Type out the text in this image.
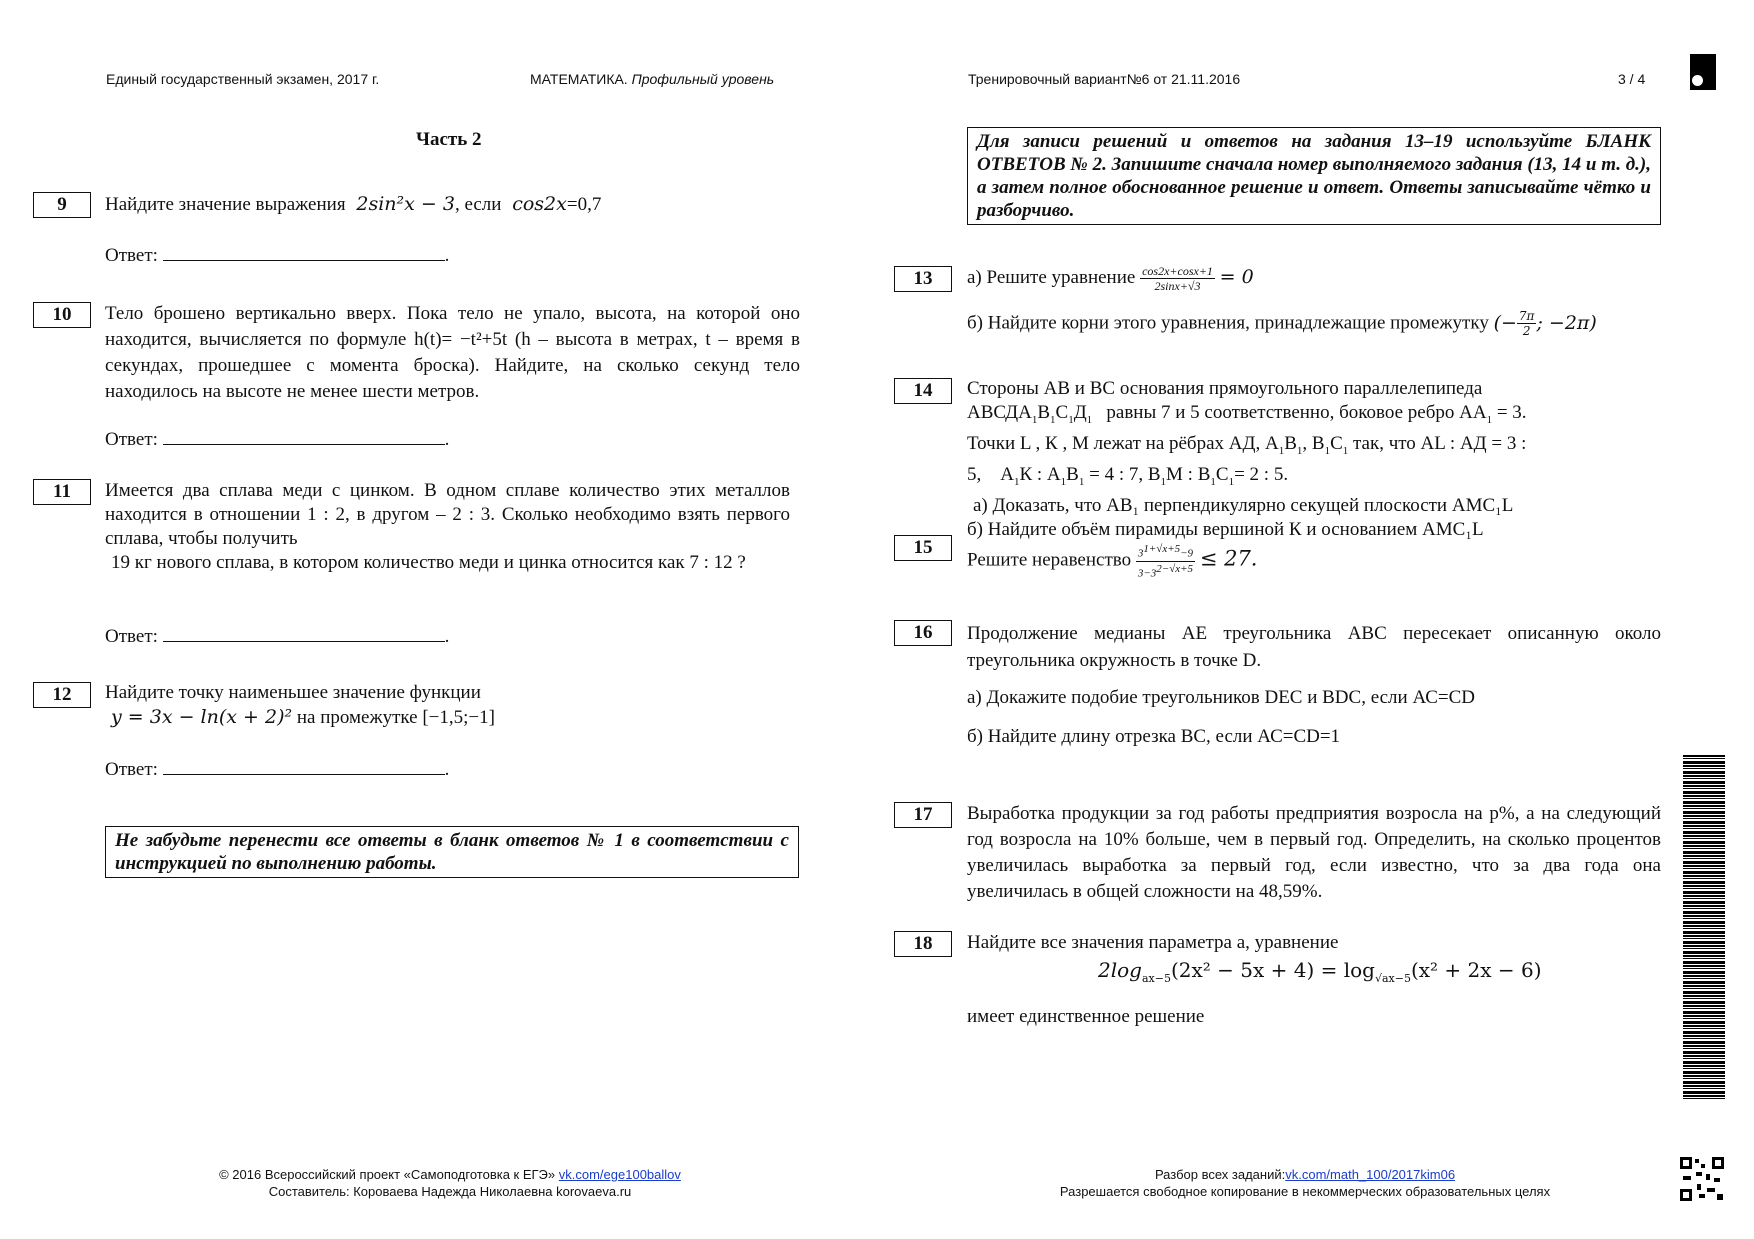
Единый государственный экзамен, 2017 г.	МАТЕМАТИКА. Профильный уровень	Тренировочный вариант№6 от 21.11.2016	3 / 4
Часть 2
9	Найдите значение выражения  2sin²x − 3, если  cos2x=0,7
Ответ:	.
10	Тело брошено вертикально вверх. Пока тело не упало, высота, на которой оно находится, вычисляется по формуле h(t)= −t²+5t (h – высота в метрах, t – время в секундах, прошедшее с момента броска). Найдите, на сколько секунд тело находилось на высоте не менее шести метров.
Ответ:	.
11	Имеется два сплава меди с цинком. В одном сплаве количество этих металлов находится в отношении 1 : 2, в другом – 2 : 3. Сколько необходимо взять первого сплава, чтобы получить

19 кг нового сплава, в котором количество меди и цинка относится как 7 : 12 ?

Ответ:	.
12	Найдите точку наименьшее значение функции

y = 3x − ln(x + 2)² на промежутке [−1,5;−1]

Ответ:	.
Не забудьте перенести все ответы в бланк ответов № 1 в соответствии с инструкцией по выполнению работы.
Для записи решений и ответов на задания 13–19 используйте БЛАНК ОТВЕТОВ № 2. Запишите сначала номер выполняемого задания (13, 14 и т. д.), а затем полное обоснованное решение и ответ. Ответы записывайте чётко и разборчиво.
13	а) Решите уравнение $\frac{\cos 2x+\cos x+1}{2\sin x+√3} = 0$
б) Найдите корни этого уравнения, принадлежащие промежутку (− $\frac{7\pi}{2}$ ; −2π)
14	Стороны АВ и ВС основания прямоугольного параллелепипеда

$АВСДА_1В_1С_1Д_1$   равны 7 и 5 соответственно, боковое ребро $АА_1 = 3$.

Точки L , К , М лежат на рёбрах АД, $А_1В_1$, $В_1С_1$ так, что АL : АД = 3 :

5,    $А_1К$ : $А_1В_1 = 4$ : 7, $В_1М$ : $В_1С_1= 2$ : 5.

а) Доказать, что АВ₁ перпендикулярно секущей плоскости АМС₁L

б) Найдите объём пирамиды вершиной К и основанием АМС₁L

15
Решите неравенство $\frac{3^{1+√x+5}-9}{3-3^{2-√x+5}} \le 27$.
16	Продолжение медианы АЕ треугольника АВС пересекает описанную около треугольника окружность в точке D.
а) Докажите подобие треугольников DEC и BDC, если АС=CD
б) Найдите длину отрезка ВС, если АС=CD=1
17	Выработка продукции за год работы предприятия возросла на p%, а на следующий год возросла на 10% больше, чем в первый год. Определить, на сколько процентов увеличилась выработка за первый год, если известно, что за два года она увеличилась в общей сложности на 48,59%.
18	Найдите все значения параметра а, уравнение
$2\log_{ax-5}(2x^2 - 5x + 4) = \log_{√ax-5}(x^2 + 2x - 6)$
имеет единственное решение
© 2016 Всероссийский проект «Самоподготовка к ЕГЭ» vk.com/ege100ballov
Составитель: Короваева Надежда Николаевна korovaeva.ru
Разбор всех заданий:vk.com/math_100/2017kim06
Разрешается свободное копирование в некоммерческих образовательных целях
